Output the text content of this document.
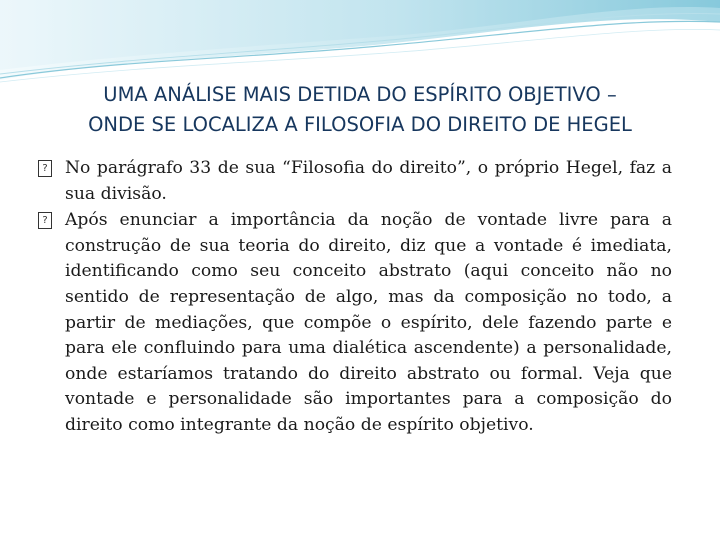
UMA ANÁLISE MAIS DETIDA DO ESPÍRITO OBJETIVO –
ONDE SE LOCALIZA A FILOSOFIA DO DIREITO DE HEGEL

? No parágrafo 33 de sua “Filosofia do direito”, o próprio Hegel, faz a sua divisão.

? Após enunciar a importância da noção de vontade livre para a construção de sua teoria do direito, diz que a vontade é imediata, identificando como seu conceito abstrato (aqui conceito não no sentido de representação de algo, mas da composição no todo, a partir de mediações, que compõe o espírito, dele fazendo parte e para ele confluindo para uma dialética ascendente) a personalidade, onde estaríamos tratando do direito abstrato ou formal. Veja que vontade e personalidade são importantes para a composição do direito como integrante da noção de espírito objetivo.
